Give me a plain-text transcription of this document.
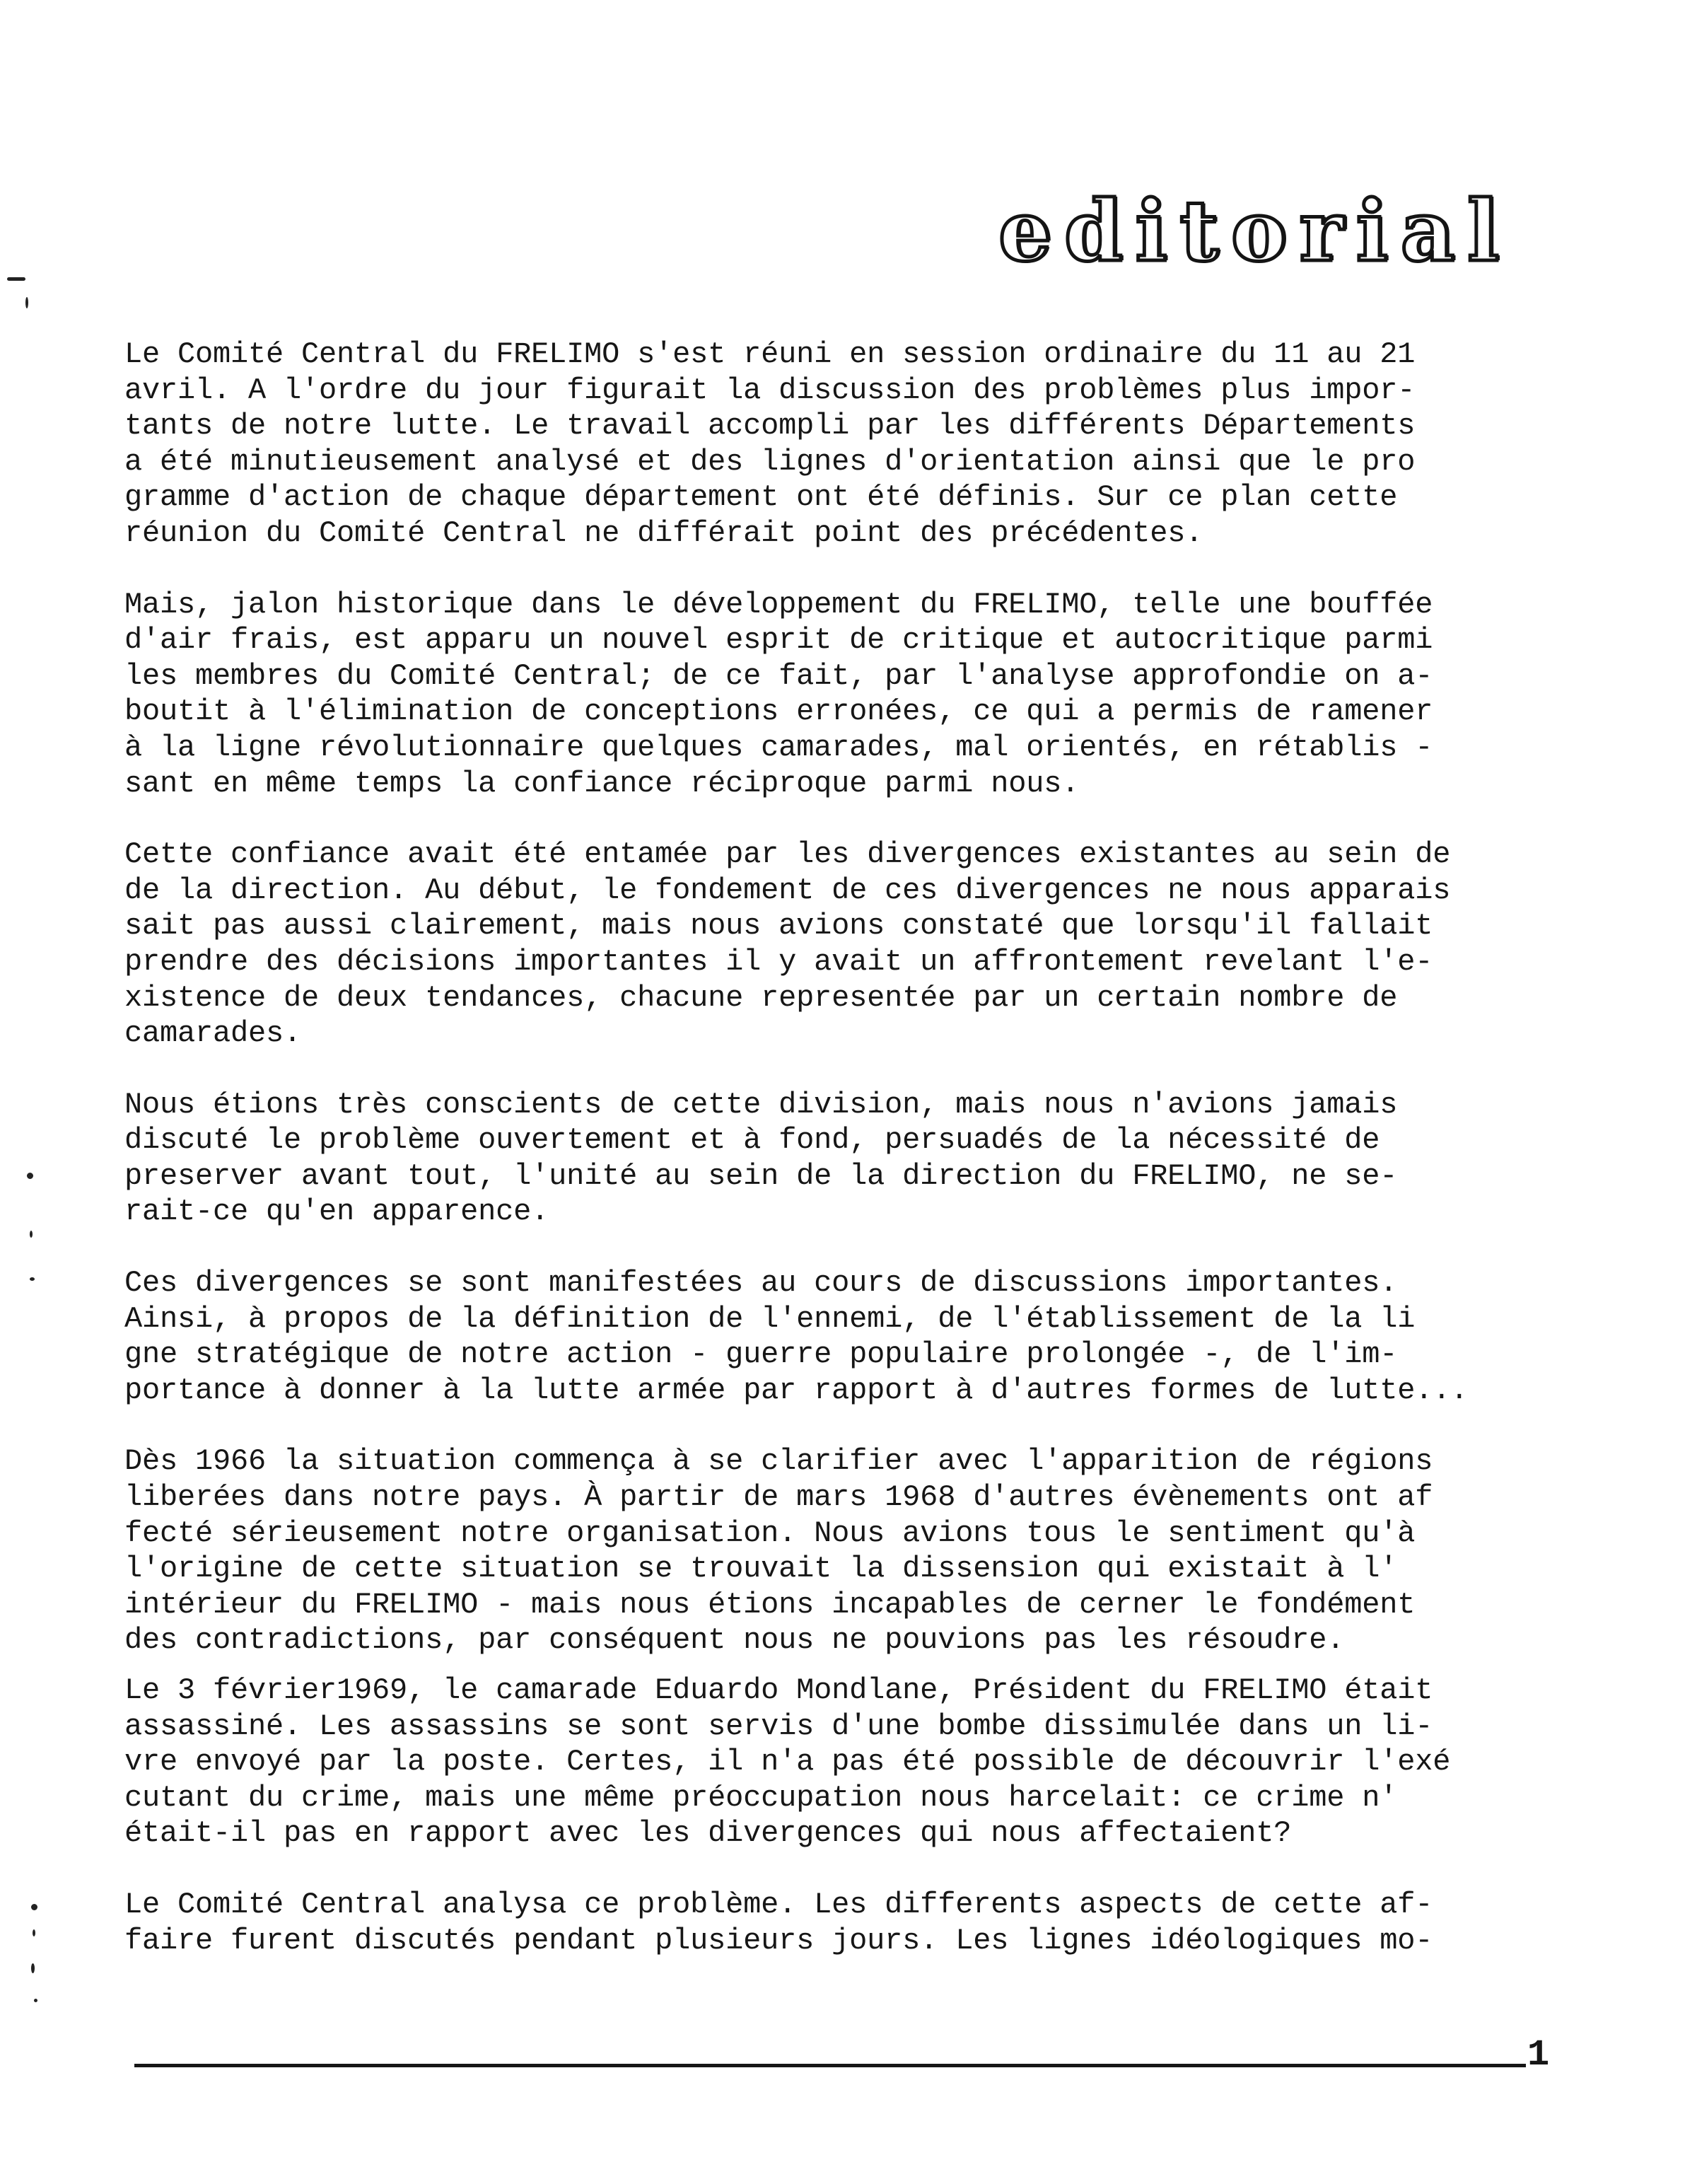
editorial

Le Comité Central du FRELIMO s'est réuni en session ordinaire du 11 au 21
avril. A l'ordre du jour figurait la discussion des problèmes plus impor-
tants de notre lutte. Le travail accompli par les différents Départements
a été minutieusement analysé et des lignes d'orientation ainsi que le pro
gramme d'action de chaque département ont été définis. Sur ce plan cette
réunion du Comité Central ne différait point des précédentes.

Mais, jalon historique dans le développement du FRELIMO, telle une bouffée
d'air frais, est apparu un nouvel esprit de critique et autocritique parmi
les membres du Comité Central; de ce fait, par l'analyse approfondie on a-
boutit à l'élimination de conceptions erronées, ce qui a permis de ramener
à la ligne révolutionnaire quelques camarades, mal orientés, en rétablis -
sant en même temps la confiance réciproque parmi nous.

Cette confiance avait été entamée par les divergences existantes au sein de
de la direction. Au début, le fondement de ces divergences ne nous apparais
sait pas aussi clairement, mais nous avions constaté que lorsqu'il fallait
prendre des décisions importantes il y avait un affrontement revelant l'e-
xistence de deux tendances, chacune representée par un certain nombre de
camarades.

Nous étions très conscients de cette division, mais nous n'avions jamais
discuté le problème ouvertement et à fond, persuadés de la nécessité de
preserver avant tout, l'unité au sein de la direction du FRELIMO, ne se-
rait-ce qu'en apparence.

Ces divergences se sont manifestées au cours de discussions importantes.
Ainsi, à propos de la définition de l'ennemi, de l'établissement de la li
gne stratégique de notre action - guerre populaire prolongée -, de l'im-
portance à donner à la lutte armée par rapport à d'autres formes de lutte...

Dès 1966 la situation commença à se clarifier avec l'apparition de régions
liberées dans notre pays. À partir de mars 1968 d'autres évènements ont af
fecté sérieusement notre organisation. Nous avions tous le sentiment qu'à
l'origine de cette situation se trouvait la dissension qui existait à l'
intérieur du FRELIMO - mais nous étions incapables de cerner le fondément
des contradictions, par conséquent nous ne pouvions pas les résoudre.

Le 3 février1969, le camarade Eduardo Mondlane, Président du FRELIMO était
assassiné. Les assassins se sont servis d'une bombe dissimulée dans un li-
vre envoyé par la poste. Certes, il n'a pas été possible de découvrir l'exé
cutant du crime, mais une même préoccupation nous harcelait: ce crime n'
était-il pas en rapport avec les divergences qui nous affectaient?

Le Comité Central analysa ce problème. Les differents aspects de cette af-
faire furent discutés pendant plusieurs jours. Les lignes idéologiques mo-

1
